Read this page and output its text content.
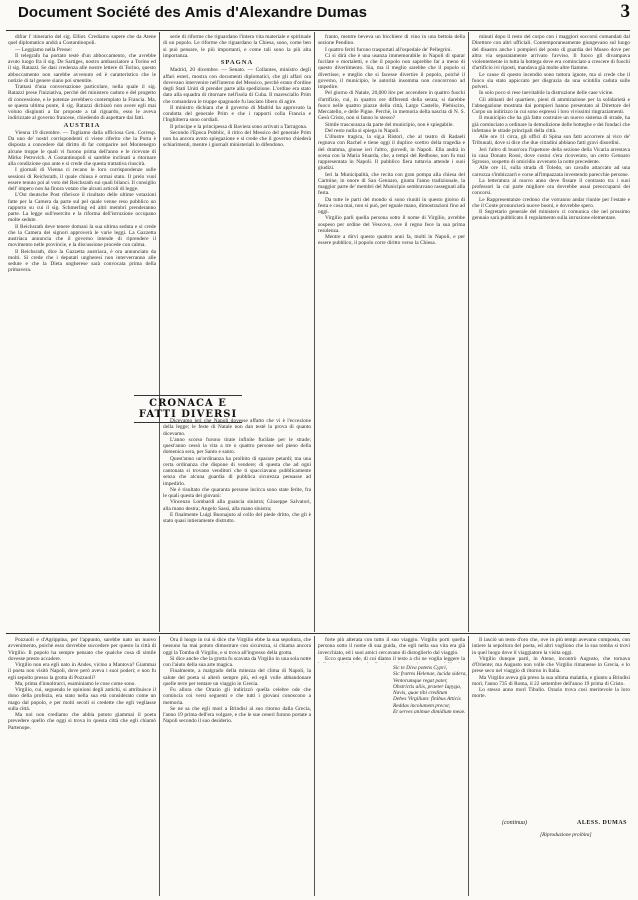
Document Société des Amis d'Alexandre Dumas	3

difrar l' itinerario del sig. Elliot. Crediamo sapere che da Atene quel diplomatico andrà a Costantinopoli.

— Leggiamo nella Presse:

Il telegrafo ha portato testè d'un abboccamento, che avrebbe avuto luogo fra il sig. De Sartiges, nostro ambasciatore a Torino ed il sig. Ratazzi. Se dasi credenza alle nostre lettere di Torino, questo abboccamento non sarebbe avvenuto ed è caratteristico che le notizie di tal genere siano poi smentite.

Trattasi d'una conversazione particolare, nella quale il sig. Ratazzi prese l'iniziativa, perchè del ministero caduto e del progetto di concessione, e le potenze avrebbero contemplato la Francia. Ma, se questa ultima ponte, il sig. Ratazzi dichiarò non avere egli mai voluto disgiunti a far proposte a tal riguardo, esso le aveva indirizzate al governo francese, chiedendo di aspettare dai fatti.

AUSTRIA

Vienna 19 dicembre. — Togliamo dalla ufficiosa Gen. Corresp. Da uno de' nostri corrispondenti ci viene riferito che la Porta è disposta a concedere dal diritto di far comparire nel Montenegro alcune truppe le quali vi furono prima dell'anno e le ricevute di Mirko Petrovich. A Costantinopoli si sarebbe inclinati a ritornare alla condizione quo ante e si crede che questa trattativa riuscirà.

I giornali di Vienna ci recano le loro corrispondenze sulle sessioni di Reichsrath, il quale chiusa è ormai stato. Il prelo vuol essere tenuto poi al voto del Reichsrath sui quali bilanci. Il consiglio dell' impero non ha finora votato che alcuni articoli di legge.

L'Ost deutsche Post riferisce il risultato delle ultime votazioni fatte per la Camera da parte sul pel quale venne reso pubblico un rapporto su cui il sig. Schmerling ed altri membri prenderanno parte. La legge sull'esercito e la riforma dell'istruzione occupano molte sedute.

Il Reichsrath deve tenere domani la sua ultima seduta e si crede che la Camera dei signori approverà le varie leggi. La Gazzetta austriaca annuncia che il governo intende di riprendere il movimento nelle provincie, e la discussione procede con calma.

Il Reichsrath, dice la Gazzetta austriaca, è ora annunciato da molti. Si crede che i deputati ungheresi non interverranno alle sedute e che la Dieta ungherese sarà convocata prima della primavera.

serie di riforme che riguardano l'intera vita materiale e spirituale di un popolo. Le riforme che riguardano la Chiesa, sono, come ben si può pensare, le più importanti, e come tali sono la più alta importanza.

SPAGNA

Madrid, 20 dicembre. — Senato. — Collantes, ministro degli affari esteri, mostra con documenti diplomatici, che gli affari ora dovevano intervenire nell'interno del Messico, perchè erano d'ordine degli Stati Uniti di prender parte alla spedizione. L'ordine era stato dato alla squadra di ritornare nell'isola di Cuba. Il maresciallo Prim che comandava le truppe spagnuole fu lasciato libero di agire.

Il ministro dichiara che il governo di Madrid ha approvato la condotta del generale Prim e che i rapporti colla Francia e l'Inghilterra sono cordiali.

Il principe e la principessa di Baviera sono arrivati a Tarragona.

Secondo l'Epoca Pubblic, il ritiro del Messico del generale Prim non ha ancora avuto spiegazione e si crede che il governo chiederà schiarimenti, mentre i giornali ministeriali lo difendono.

CRONACA E FATTI DIVERSI

Dicevamo ieri che Napoli dovesse affatto che vi è l'eccezione della legge; le feste di Natale non dan testè la prova di quanto dicevamo.

L'anno scorso furono tirate infinite fucilate per le strade; quest'anno cessò la vita a tre o quattro persone nel pieno della domenica sera, per Santo e santo.

Quest'anno un'ordinanza ha proibito di sparare petardi; ma una certa ordinanza che dispone di vendere; di questa che ad ogni cantonata si trovano venditori che ti spacciavano pubblicamente senza che alcuna guardia di pubblica sicurezza pensasse ad impedirlo.

Ne è risultato che quaranta persone incirca sono state ferite, fra le quali questa dei giovani:

Vincenzo Lombardi alla guancia sinistra; Giuseppe Salvatori, alla mano destra; Angelo Sassi, alla mano sinistra;

E finalmente Luigi Buonajuto al collo del piede dritto, che gli è stato quasi intieramente distrutto.

franto, mentre beveva un bicchiere di vino in una bettola della sezione Pendino.

I quattro feriti furono trasportati all'ospedale de' Pellegrini.

Ci si dirà che è una usanza immemorabile in Napoli di sparar fucilate e mortaletti, e che il popolo non saprebbe far a meno di questo divertimento. Sia, ma il meglio sarebbe che il popolo si divertisse, e meglio che si facesse divertire il popolo, poichè il governo, il municipio, le autorità insomma non concorrono ad impedire.

Pel giorno di Natale, 20,000 lire per accendere in quattro fuochi d'artifizio, cui, in quattro ore differenti della serata, si darebbe fuoco nelle quattro piazze della città, Largo Castello, Plebiscito, Mercatello, e delle Pigne. Perchè, in memoria della nascita di N. S. Gesù Cristo, non si fanno lo stesso?

Simile trascuranza da parte del municipio, non è spiegabile.

Del resto nulla si spiega in Napoli.

L'illustre tragica, la sig.a Ristori, che al teatro di Radaeli regnava con Rachel e tiene oggi il duplice scettro della tragedia e del dramma, giunse ieri l'altro, giovedì, in Napoli. Ella andrà in scena con la Maria Stuarda, che, a tempi del Redbone, non fu mai rappresentata in Napoli. Il pubblico fiera tuttavia attende i suoi giudizi.

Ieri la Municipalità, che recita con gran pompa alla chiesa del Carmine, in onore di San Gennaro, giunta l'anno tradizionale, la maggior parte de' membri del Municipio sembravano rassegnati alla festa.

Da tutte le parti del mondo si sono riuniti in questo giorno di festa e cosa mai, non si può, per eguale mano, dimostrazioni fino ad oggi.

Virgilio parli quella persona sotto il nome di Virgilio, avrebbe sospeso per ordine del Vescovo, ove il regno fece la sua prima residenza.

Mentre a dirvi questo quattro anni fa, molti in Napoli, e per essere pubblico, il popolo corre diritto verso la Chiesa.

minuti dopo il resto del corpo con i maggiori soccorsi comandati dal Direttore con altri ufficiali. Contemporaneamente giungevano sul luogo del disastro anche i pompieri del posto di guardia del Museo dove per altra via separatamente arrivato l'avviso. Il fuoco gli divampava violentemente in tutta la bottega dove era cominciato a crescere di fuochi d'artificio ivi riposti, mandava già molte altre fiamme.

Le cause di questo incendio sono tuttora ignote, ma si crede che il fuoco sia stato appiccato per disgrazia da una scintilla caduta sulle polveri.

In solo poco si rese inevitabile la distruzione delle case vicine.

Gli abitanti del quartiere, pieni di ammirazione per la solidarietà e l'abnegazione mostrata dai pompieri hanno presentato al Direttore del Corpo un indirizzo in cui sono espressi i loro vivissimi ringraziamenti.

Il municipio che ha già fatto costruire un nuovo sistema di strade, ha già cominciato a ordinare la demolizione delle botteghe e dei fondaci che infettano le strade principali della città.

Alle ore 11 circa, gli uffici di Spina son fatti accorrere al vico de' Tribunali, dove si dice che due cittadini abbiano fatti gravi disordini.

Jeri l'altro di buon'ora l'ispettore della sezione della Vicaria arrestava in casa Donato Rossi, dove costui s'era ricoverato, un certo Gennaro Sgrosso, sospetto di omicidio avvenuto la notte precedente.

Alle ore 11, sulla strada di Toledo, un cavallo attaccato ad una carrozza s'imbizzarrì e corse all'impazzata investendo parecchie persone.

La letteratura al nuovo anno deve fissare il contrasto tra i suoi professori la cui parte migliore ora dovrebbe assai preoccuparsi dei concorsi.

Le Rappresentanze credono che vorranno andar riunite per l'estate e che il Conte pronuncierà nuove buoni, e dovrebbe spero.

Il Segretario generale del ministero ci comunica che nel prossimo gennaio sarà pubblicato il regolamento sulla istruzione elementare.

Pozzuoli e d'Agrippina, per l'appunto, sarebbe nato un nuovo avvenimento, poichè esso dovrebbe succedere per questo la città di Virgilio. Il popolo ha sempre pensato che qualche cosa di simile dovesse presto accadere.

Virgilio non era egli nato in Andes, vicino a Mantova? Giammai il poeta non visitò Napoli, dove però aveva i suoi poderi; e non fu egli sepolto presso la grotta di Pozzuoli?

Ma, prima d'innoltrarci, esaminiamo le cose come sono.

Virgilio, cui, seguendo le opinioni degli antichi, si attribuisce il dono della profezia, era stato nella sua età considerato come un mago dal popolo, e per molti secoli si credette che egli vegliasse sulla città.

Ma noi non crediamo che abbia potuto giammai il poeta prevedere quello che oggi si trova in questa città che egli chiamò Partenope.

Ora il luogo in cui si dice che Virgilio ebbe la sua sepoltura, che nessuno ha mai potuto dimostrare con sicurezza, si chiama ancora oggi la Tomba di Virgilio, e si trova all'ingresso della grotta.

Si dice anche che la grotta fu scavata da Virgilio in una sola notte con l'aiuto della sua arte magica.

Finalmente, a malgrado della mitezza del clima di Napoli, la salute del poeta si alterò sempre più, ed egli volle abbandonare quelle terre per tentare un viaggio in Grecia.

Fu allora che Orazio gli indirizzò quella celebre ode che comincia coi versi seguenti e che tutti i giovani conoscono a memoria.

Se ne sa che egli morì a Brindisi al suo ritorno dalla Grecia, l'anno 19 prima dell'era volgare, e che le sue ceneri furono portate a Napoli secondo il suo desiderio.

forte più alterata con tutto il suo viaggio. Virgilio porti quella persona sotto il nome di sua guida, che egli nella sua vita era già invecchiato, ed i suoi amici cercavano di distoglierlo dal viaggio.

Ecco questa ode, di cui diamo il testo a chi ne voglia leggere la

Sic te Diva potens Cypri,

Sic fratres Helenae, lucida sidera,

Ventorumque regat pater,

Obstrictis aliis, praeter Iapyga,

Navis, quae tibi creditum

Debes Virgilium: finibus Atticis

Reddas incolumem precor,

Et serves animae dimidium meae.

Il lasciò un testo d'oro che, ove in più tempi avevano composto, con intiere la sepoltura del poeta, ed altri vogliono che la sua tomba si trovi in quel luogo dove il viaggiatore la visita oggi.

Virgilio dunque partì, in Atene, incontrò Augusto, che tornava d'Oriente; ma Augusto non volle che Virgilio rimanesse in Grecia, e lo prese seco nel viaggio di ritorno in Italia.

Ma Virgilio aveva già preso la sua ultima malattia, e giunto a Brindisi morì, l'anno 735 di Roma, il 22 settembre dell'anno 19 prima di Cristo.

Lo stesso anno morì Tibullo. Orazio trova così meritevole la loro morte.

(continua)	ALESS. DUMAS
[Riproduzione proibita]
